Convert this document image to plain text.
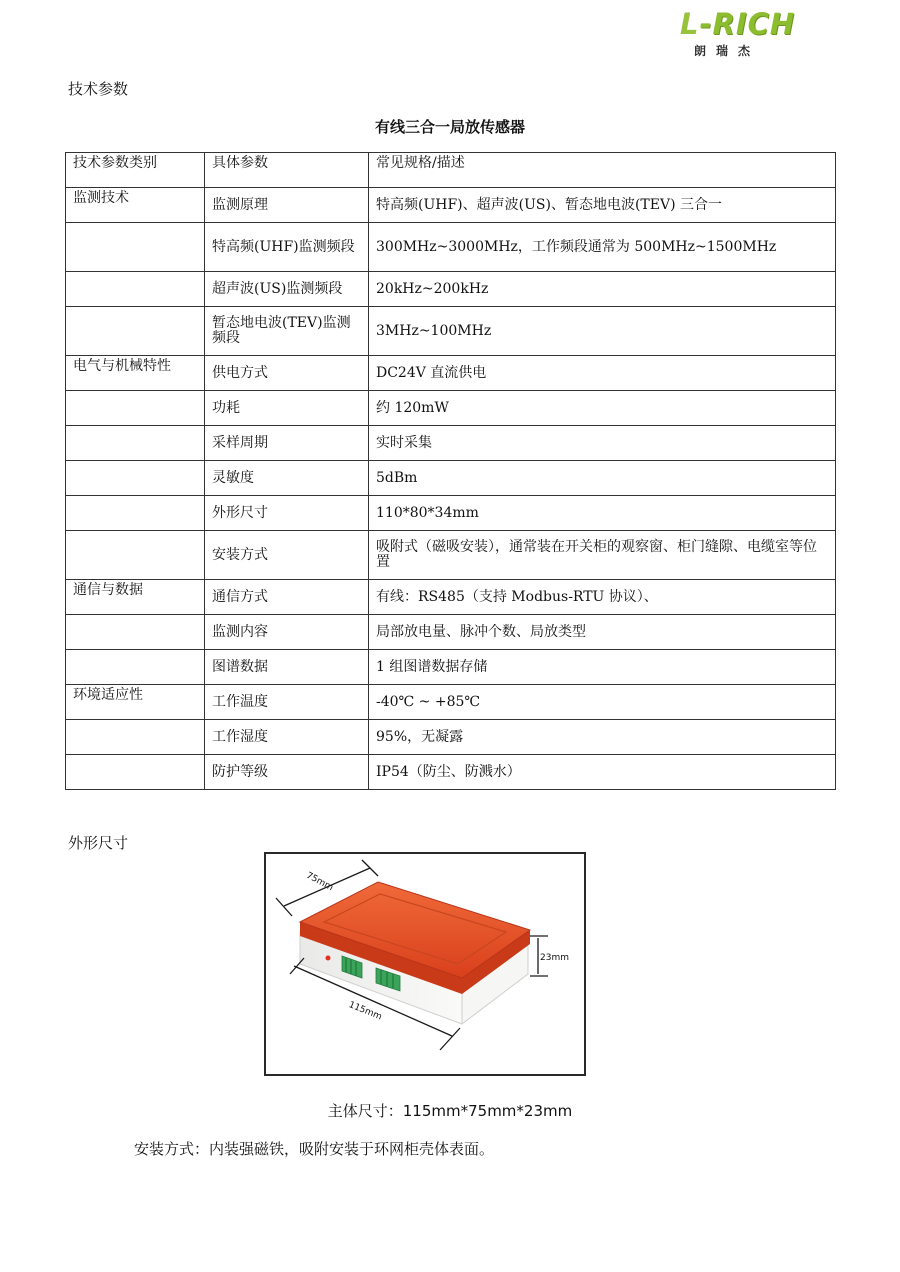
L-RICH
朗瑞杰
技术参数
有线三合一局放传感器
技术参数类别	具体参数	常见规格/描述
监测技术	监测原理	特高频(UHF)、超声波(US)、暂态地电波(TEV) 三合一
	特高频(UHF)监测频段	300MHz~3000MHz，工作频段通常为 500MHz~1500MHz
	超声波(US)监测频段	20kHz~200kHz
	暂态地电波(TEV)监测频段	3MHz~100MHz
电气与机械特性	供电方式	DC24V 直流供电
	功耗	约 120mW
	采样周期	实时采集
	灵敏度	5dBm
	外形尺寸	110*80*34mm
	安装方式	吸附式（磁吸安装），通常装在开关柜的观察窗、柜门缝隙、电缆室等位置
通信与数据	通信方式	有线：RS485（支持 Modbus-RTU 协议）、
	监测内容	局部放电量、脉冲个数、局放类型
	图谱数据	1 组图谱数据存储
环境适应性	工作温度	-40℃ ~ +85℃
	工作湿度	95%，无凝露
	防护等级	IP54（防尘、防溅水）
外形尺寸
75mm
115mm
23mm
主体尺寸：115mm*75mm*23mm
安装方式：内装强磁铁，吸附安装于环网柜壳体表面。
